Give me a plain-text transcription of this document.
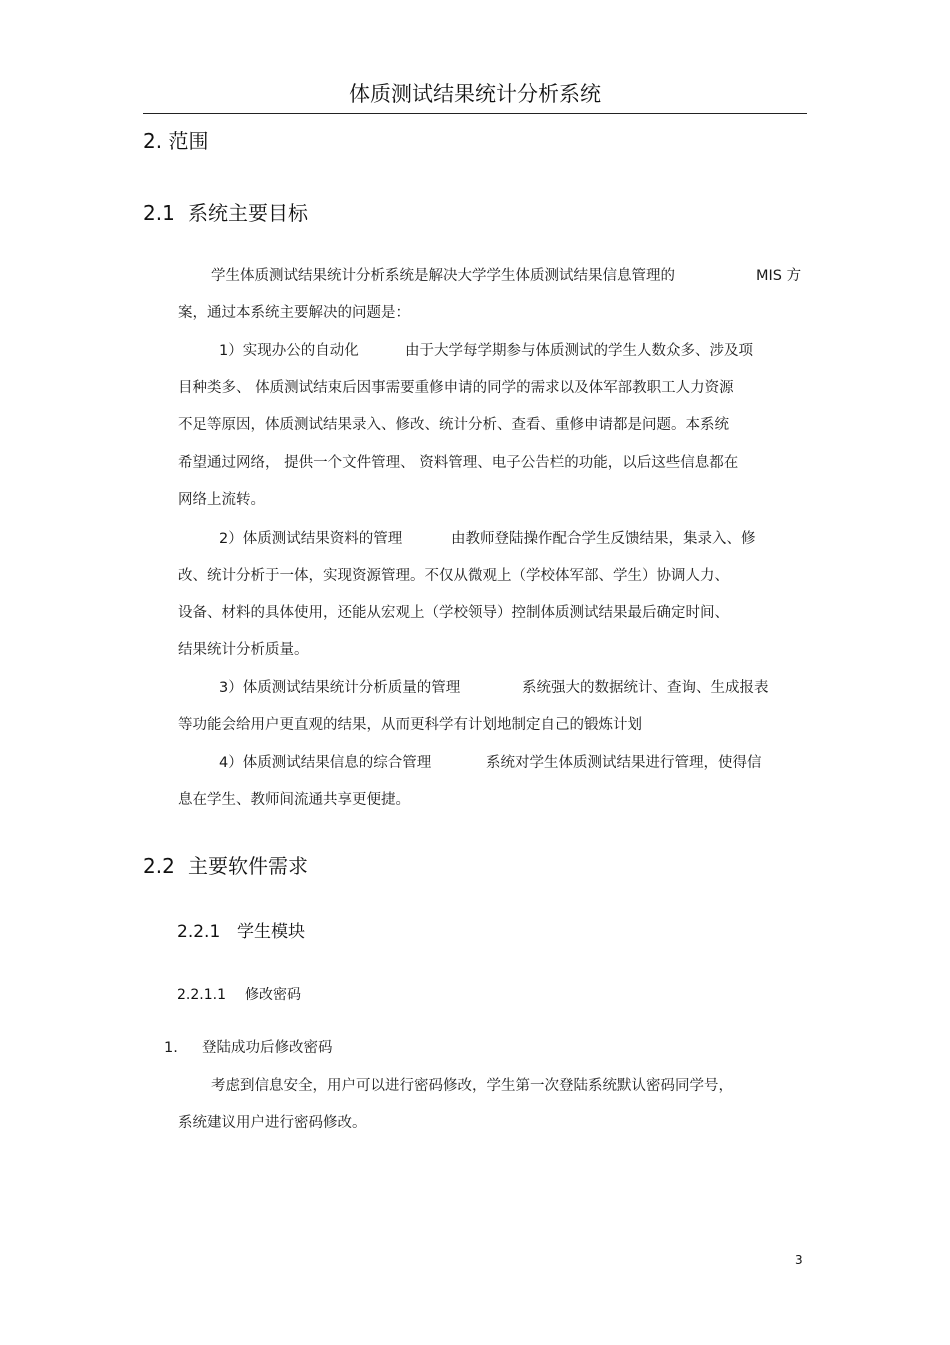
体质测试结果统计分析系统
2. 范围
2.1 系统主要目标
学生体质测试结果统计分析系统是解决大学学生体质测试结果信息管理的	MIS 方
案，通过本系统主要解决的问题是：
1）实现办公的自动化	由于大学每学期参与体质测试的学生人数众多、涉及项
目种类多、 体质测试结束后因事需要重修申请的同学的需求以及体军部教职工人力资源
不足等原因，体质测试结果录入、修改、统计分析、查看、重修申请都是问题。本系统
希望通过网络， 提供一个文件管理、 资料管理、电子公告栏的功能，以后这些信息都在
网络上流转。
2）体质测试结果资料的管理	由教师登陆操作配合学生反馈结果，集录入、修
改、统计分析于一体，实现资源管理。不仅从微观上（学校体军部、学生）协调人力、
设备、材料的具体使用，还能从宏观上（学校领导）控制体质测试结果最后确定时间、
结果统计分析质量。
3）体质测试结果统计分析质量的管理	系统强大的数据统计、查询、生成报表
等功能会给用户更直观的结果，从而更科学有计划地制定自己的锻炼计划
4）体质测试结果信息的综合管理	系统对学生体质测试结果进行管理，使得信
息在学生、教师间流通共享更便捷。
2.2 主要软件需求
2.2.1 学生模块
2.2.1.1 修改密码
1. 登陆成功后修改密码
考虑到信息安全，用户可以进行密码修改，学生第一次登陆系统默认密码同学号，
系统建议用户进行密码修改。
3
